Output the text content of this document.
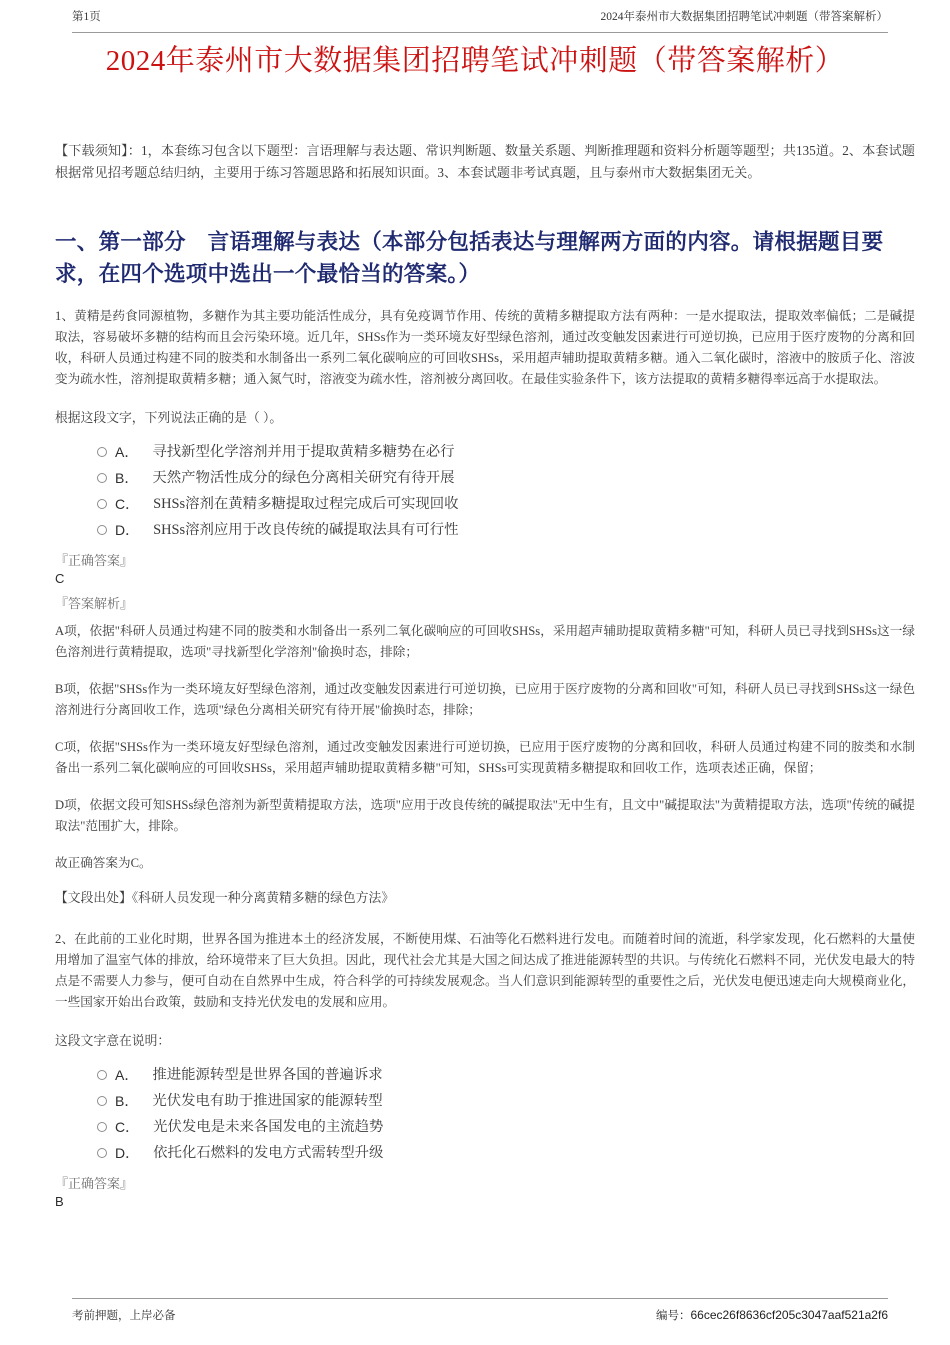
第1页	2024年泰州市大数据集团招聘笔试冲刺题（带答案解析）
2024年泰州市大数据集团招聘笔试冲刺题（带答案解析）

【下载须知】：1，本套练习包含以下题型：言语理解与表达题、常识判断题、数量关系题、判断推理题和资料分析题等题型；共135道。2、本套试题根据常见招考题总结归纳，主要用于练习答题思路和拓展知识面。3、本套试题非考试真题，且与泰州市大数据集团无关。

一、第一部分　言语理解与表达（本部分包括表达与理解两方面的内容。请根据题目要求，在四个选项中选出一个最恰当的答案。）

1、黄精是药食同源植物，多糖作为其主要功能活性成分，具有免疫调节作用、传统的黄精多糖提取方法有两种：一是水提取法，提取效率偏低；二是碱提取法，容易破坏多糖的结构而且会污染环境。近几年，SHSs作为一类环境友好型绿色溶剂，通过改变触发因素进行可逆切换，已应用于医疗废物的分离和回收，科研人员通过构建不同的胺类和水制备出一系列二氧化碳响应的可回收SHSs，采用超声辅助提取黄精多糖。通入二氧化碳时，溶液中的胺质子化、溶波变为疏水性，溶剂提取黄精多糖；通入氮气时，溶液变为疏水性，溶剂被分离回收。在最佳实验条件下，该方法提取的黄精多糖得率远高于水提取法。

根据这段文字，下列说法正确的是（ ）。

A． 寻找新型化学溶剂并用于提取黄精多糖势在必行
B． 天然产物活性成分的绿色分离相关研究有待开展
C． SHSs溶剂在黄精多糖提取过程完成后可实现回收
D． SHSs溶剂应用于改良传统的碱提取法具有可行性

『正确答案』

C

『答案解析』

A项，依据"科研人员通过构建不同的胺类和水制备出一系列二氧化碳响应的可回收SHSs，采用超声辅助提取黄精多糖"可知，科研人员已寻找到SHSs这一绿色溶剂进行黄精提取，选项"寻找新型化学溶剂"偷换时态，排除；

B项，依据"SHSs作为一类环境友好型绿色溶剂，通过改变触发因素进行可逆切换，已应用于医疗废物的分离和回收"可知，科研人员已寻找到SHSs这一绿色溶剂进行分离回收工作，选项"绿色分离相关研究有待开展"偷换时态，排除；

C项，依据"SHSs作为一类环境友好型绿色溶剂，通过改变触发因素进行可逆切换，已应用于医疗废物的分离和回收，科研人员通过构建不同的胺类和水制备出一系列二氧化碳响应的可回收SHSs，采用超声辅助提取黄精多糖"可知，SHSs可实现黄精多糖提取和回收工作，选项表述正确，保留；

D项，依据文段可知SHSs绿色溶剂为新型黄精提取方法，选项"应用于改良传统的碱提取法"无中生有，且文中"碱提取法"为黄精提取方法，选项"传统的碱提取法"范围扩大，排除。

故正确答案为C。

【文段出处】《科研人员发现一种分离黄精多糖的绿色方法》

2、在此前的工业化时期，世界各国为推进本土的经济发展，不断使用煤、石油等化石燃料进行发电。而随着时间的流逝，科学家发现，化石燃料的大量使用增加了温室气体的排放，给环境带来了巨大负担。因此，现代社会尤其是大国之间达成了推进能源转型的共识。与传统化石燃料不同，光伏发电最大的特点是不需要人力参与，便可自动在自然界中生成，符合科学的可持续发展观念。当人们意识到能源转型的重要性之后，光伏发电便迅速走向大规模商业化，一些国家开始出台政策，鼓励和支持光伏发电的发展和应用。

这段文字意在说明：

A． 推进能源转型是世界各国的普遍诉求
B． 光伏发电有助于推进国家的能源转型
C． 光伏发电是未来各国发电的主流趋势
D． 依托化石燃料的发电方式需转型升级

『正确答案』

B

考前押题，上岸必备	编号：66cec26f8636cf205c3047aaf521a2f6
